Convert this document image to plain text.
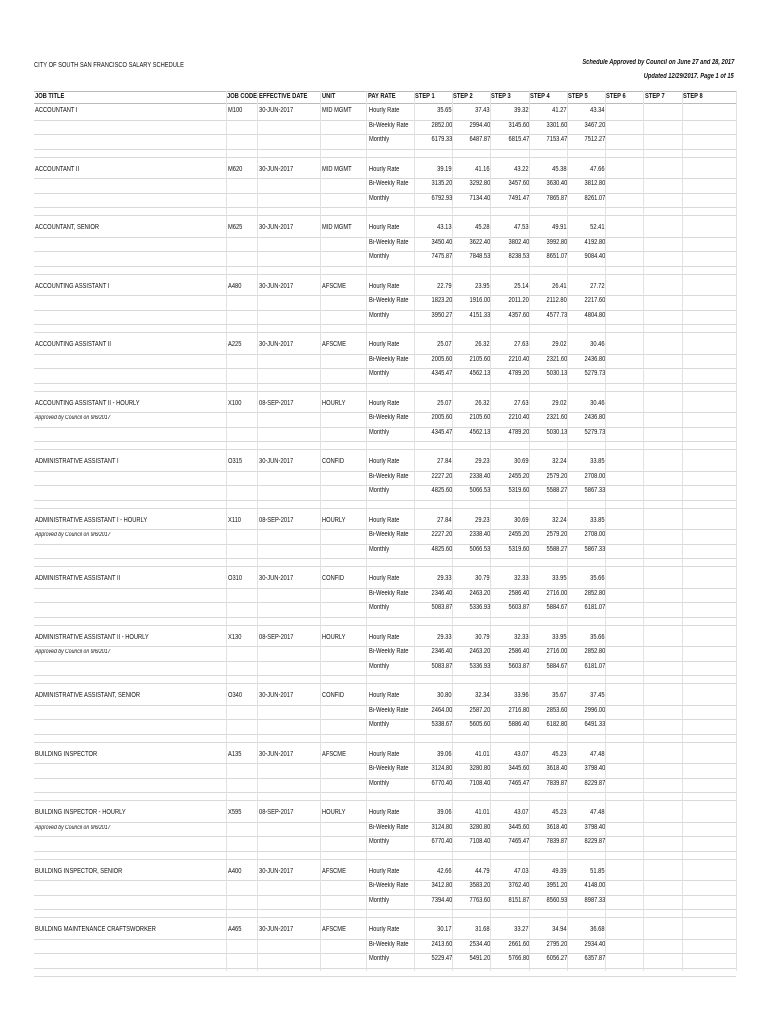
CITY OF SOUTH SAN FRANCISCO SALARY SCHEDULE	Schedule Approved by Council on June 27 and 28, 2017
Updated 12/29/2017. Page 1 of 15
JOB TITLE	JOB CODE EFFECTIVE DATE UNIT	PAY RATE	STEP 1	STEP 2	STEP 3	STEP 4	STEP 5	STEP 6	STEP 7	STEP 8
ACCOUNTANT I	M100 30-JUN-2017	MID MGMT Hourly Rate	35.65	37.43	39.32	41.27	43.34
Bi-Weekly Rate	2852.00 2994.40	3145.60 3301.60 3467.20
Monthly	6179.33 6487.87	6815.47 7153.47 7512.27
ACCOUNTANT II	M620 30-JUN-2017	MID MGMT Hourly Rate	39.19	41.16	43.22	45.38	47.66
Bi-Weekly Rate	3135.20 3292.80	3457.60 3630.40 3812.80
Monthly	6792.93 7134.40	7491.47 7865.87 8261.07
ACCOUNTANT, SENIOR	M625 30-JUN-2017	MID MGMT Hourly Rate	43.13	45.28	47.53	49.91	52.41
Bi-Weekly Rate	3450.40 3622.40	3802.40 3992.80 4192.80
Monthly	7475.87 7848.53	8238.53 8651.07 9084.40
ACCOUNTING ASSISTANT I	A480	30-JUN-2017	AFSCME	Hourly Rate	22.79	23.95	25.14	26.41	27.72
Bi-Weekly Rate	1823.20 1916.00	2011.20	2112.80 2217.60
Monthly	3950.27 4151.33	4357.60 4577.73 4804.80
ACCOUNTING ASSISTANT II	A225	30-JUN-2017	AFSCME	Hourly Rate	25.07	26.32	27.63	29.02	30.46
Bi-Weekly Rate	2005.60 2105.60	2210.40 2321.60 2436.80
Monthly	4345.47 4562.13	4789.20 5030.13 5279.73
ACCOUNTING ASSISTANT II - HOURLY
Approved by Council on 9/6/2017
X100	08-SEP-2017	HOURLY	Hourly Rate	25.07	26.32	27.63	29.02	30.46
Bi-Weekly Rate	2005.60 2105.60	2210.40 2321.60 2436.80
Monthly	4345.47 4562.13	4789.20 5030.13 5279.73
ADMINISTRATIVE ASSISTANT I	O315 30-JUN-2017	CONFID	Hourly Rate	27.84	29.23	30.69	32.24	33.85
Bi-Weekly Rate	2227.20 2338.40	2455.20 2579.20 2708.00
Monthly	4825.60 5066.53	5319.60 5588.27 5867.33
ADMINISTRATIVE ASSISTANT I - HOURLY
Approved by Council on 9/6/2017
X110	08-SEP-2017	HOURLY	Hourly Rate	27.84	29.23	30.69	32.24	33.85
Bi-Weekly Rate	2227.20 2338.40	2455.20 2579.20 2708.00
Monthly	4825.60 5066.53	5319.60 5588.27 5867.33
ADMINISTRATIVE ASSISTANT II	O310 30-JUN-2017	CONFID	Hourly Rate	29.33	30.79	32.33	33.95	35.66
Bi-Weekly Rate	2346.40 2463.20	2586.40 2716.00 2852.80
Monthly	5083.87 5336.93	5603.87 5884.67 6181.07
ADMINISTRATIVE ASSISTANT II - HOURLY
Approved by Council on 9/6/2017
X130	08-SEP-2017	HOURLY	Hourly Rate	29.33	30.79	32.33	33.95	35.66
Bi-Weekly Rate	2346.40 2463.20	2586.40 2716.00 2852.80
Monthly	5083.87 5336.93	5603.87 5884.67 6181.07
ADMINISTRATIVE ASSISTANT, SENIOR	O340 30-JUN-2017	CONFID	Hourly Rate	30.80	32.34	33.96	35.67	37.45
Bi-Weekly Rate	2464.00 2587.20	2716.80 2853.60 2996.00
Monthly	5338.67 5605.60	5886.40 6182.80 6491.33
BUILDING INSPECTOR	A135	30-JUN-2017	AFSCME	Hourly Rate	39.06	41.01	43.07	45.23	47.48
Bi-Weekly Rate	3124.80 3280.80	3445.60 3618.40 3798.40
Monthly	6770.40 7108.40	7465.47 7839.87 8229.87
BUILDING INSPECTOR - HOURLY
Approved by Council on 9/6/2017
X595	08-SEP-2017	HOURLY	Hourly Rate	39.06	41.01	43.07	45.23	47.48
Bi-Weekly Rate	3124.80 3280.80	3445.60 3618.40 3798.40
Monthly	6770.40 7108.40	7465.47 7839.87 8229.87
BUILDING INSPECTOR, SENIOR	A400	30-JUN-2017	AFSCME	Hourly Rate	42.66	44.79	47.03	49.39	51.85
Bi-Weekly Rate	3412.80 3583.20	3762.40 3951.20 4148.00
Monthly	7394.40 7763.60	8151.87 8560.93 8987.33
BUILDING MAINTENANCE CRAFTSWORKER	A465	30-JUN-2017	AFSCME	Hourly Rate	30.17	31.68	33.27	34.94	36.68
Bi-Weekly Rate	2413.60 2534.40	2661.60 2795.20 2934.40
Monthly	5229.47 5491.20	5766.80 6056.27 6357.87
